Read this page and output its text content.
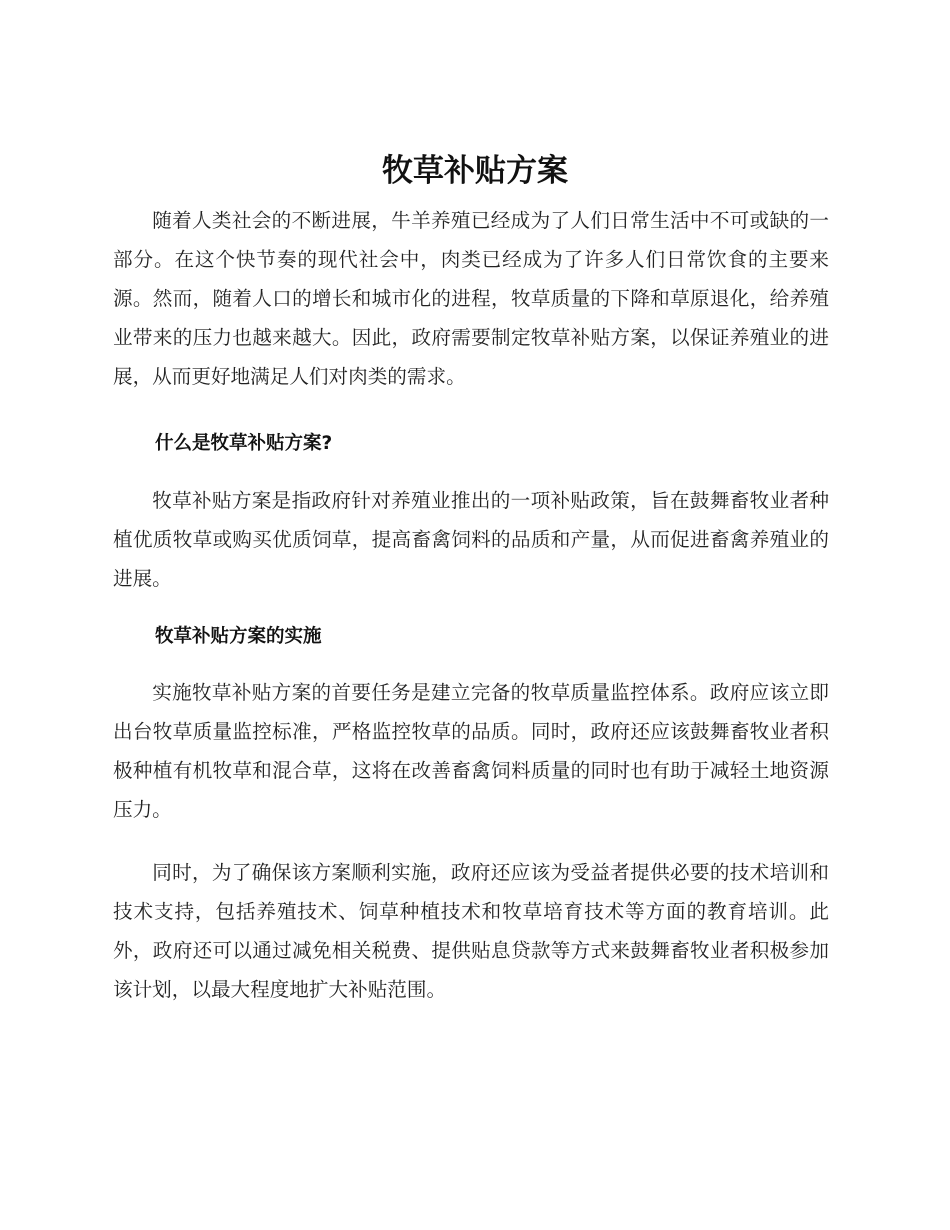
牧草补贴方案

随着人类社会的不断进展，牛羊养殖已经成为了人们日常生活中不可或缺的一部分。在这个快节奏的现代社会中，肉类已经成为了许多人们日常饮食的主要来源。然而，随着人口的增长和城市化的进程，牧草质量的下降和草原退化，给养殖业带来的压力也越来越大。因此，政府需要制定牧草补贴方案，以保证养殖业的进展，从而更好地满足人们对肉类的需求。

什么是牧草补贴方案?

牧草补贴方案是指政府针对养殖业推出的一项补贴政策，旨在鼓舞畜牧业者种植优质牧草或购买优质饲草，提高畜禽饲料的品质和产量，从而促进畜禽养殖业的进展。

牧草补贴方案的实施

实施牧草补贴方案的首要任务是建立完备的牧草质量监控体系。政府应该立即出台牧草质量监控标准，严格监控牧草的品质。同时，政府还应该鼓舞畜牧业者积极种植有机牧草和混合草，这将在改善畜禽饲料质量的同时也有助于减轻土地资源压力。

同时，为了确保该方案顺利实施，政府还应该为受益者提供必要的技术培训和技术支持，包括养殖技术、饲草种植技术和牧草培育技术等方面的教育培训。此外，政府还可以通过减免相关税费、提供贴息贷款等方式来鼓舞畜牧业者积极参加该计划，以最大程度地扩大补贴范围。
